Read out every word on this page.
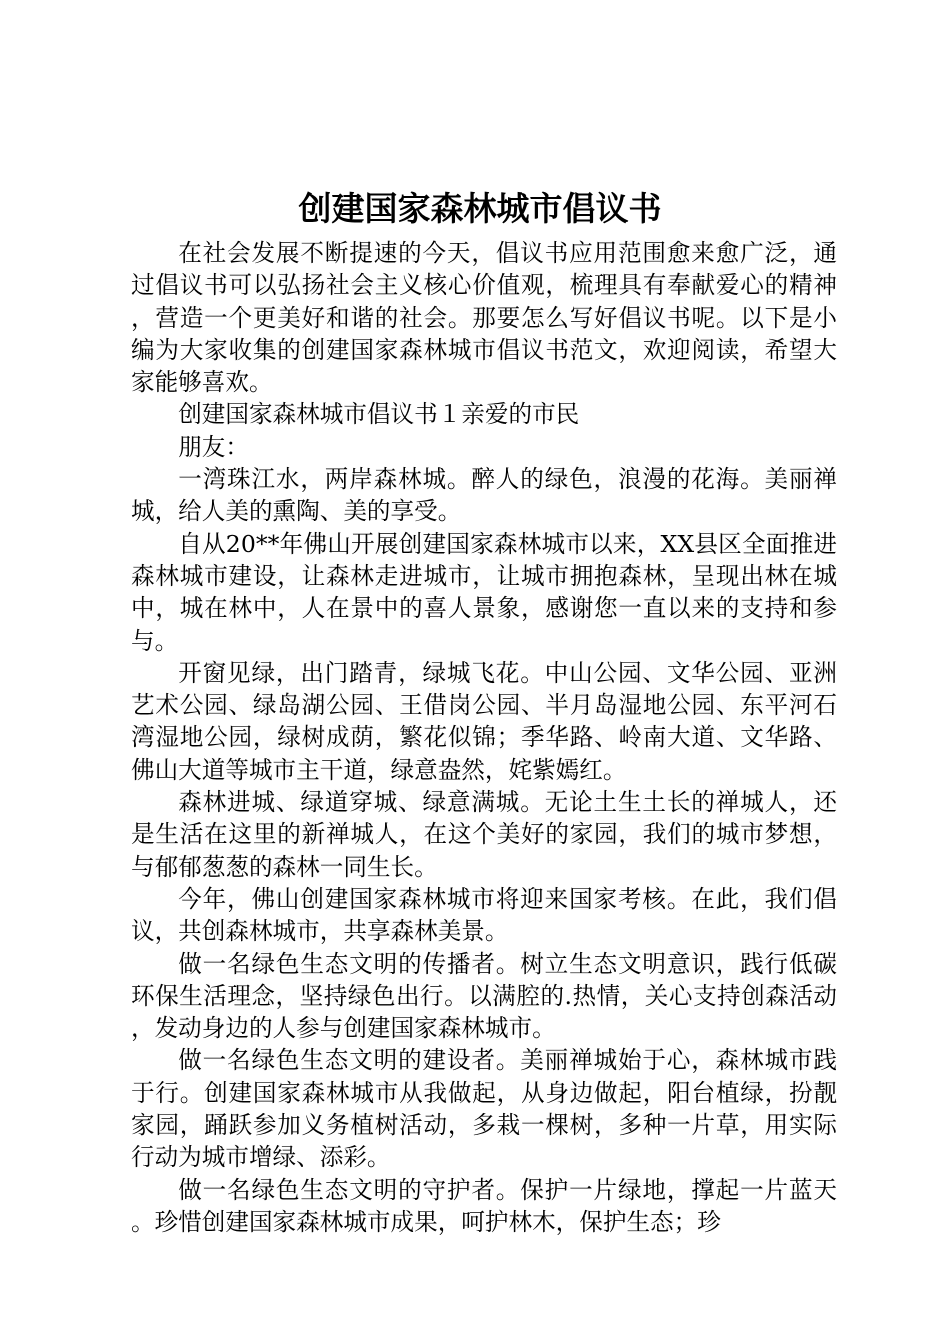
创建国家森林城市倡议书

在社会发展不断提速的今天，倡议书应用范围愈来愈广泛，通过倡议书可以弘扬社会主义核心价值观，梳理具有奉献爱心的精神，营造一个更美好和谐的社会。那要怎么写好倡议书呢。以下是小编为大家收集的创建国家森林城市倡议书范文，欢迎阅读，希望大家能够喜欢。

创建国家森林城市倡议书１亲爱的市民

朋友：

一湾珠江水，两岸森林城。醉人的绿色，浪漫的花海。美丽禅城，给人美的熏陶、美的享受。

自从20**年佛山开展创建国家森林城市以来，XX县区全面推进森林城市建设，让森林走进城市，让城市拥抱森林，呈现出林在城中，城在林中，人在景中的喜人景象，感谢您一直以来的支持和参与。

开窗见绿，出门踏青，绿城飞花。中山公园、文华公园、亚洲艺术公园、绿岛湖公园、王借岗公园、半月岛湿地公园、东平河石湾湿地公园，绿树成荫，繁花似锦；季华路、岭南大道、文华路、佛山大道等城市主干道，绿意盎然，姹紫嫣红。

森林进城、绿道穿城、绿意满城。无论土生土长的禅城人，还是生活在这里的新禅城人，在这个美好的家园，我们的城市梦想，与郁郁葱葱的森林一同生长。

今年，佛山创建国家森林城市将迎来国家考核。在此，我们倡议，共创森林城市，共享森林美景。

做一名绿色生态文明的传播者。树立生态文明意识，践行低碳环保生活理念，坚持绿色出行。以满腔的.热情，关心支持创森活动，发动身边的人参与创建国家森林城市。

做一名绿色生态文明的建设者。美丽禅城始于心，森林城市践于行。创建国家森林城市从我做起，从身边做起，阳台植绿，扮靓家园，踊跃参加义务植树活动，多栽一棵树，多种一片草，用实际行动为城市增绿、添彩。

做一名绿色生态文明的守护者。保护一片绿地，撑起一片蓝天。珍惜创建国家森林城市成果，呵护林木，保护生态；珍
